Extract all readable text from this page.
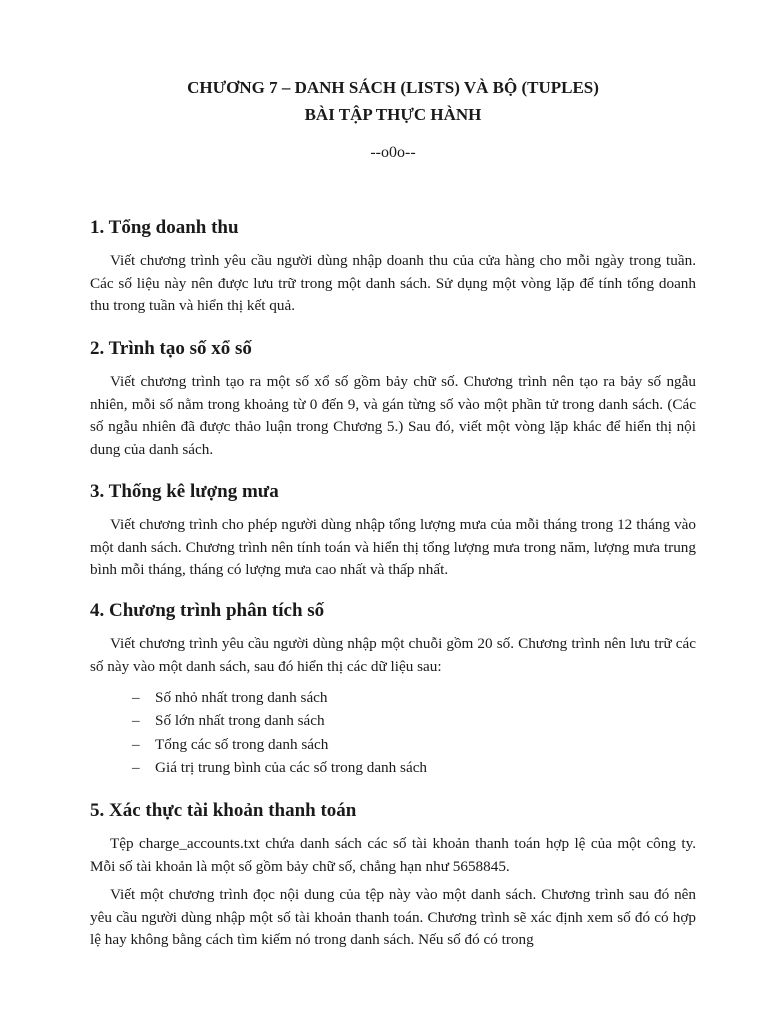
CHƯƠNG 7 – DANH SÁCH (LISTS) VÀ BỘ (TUPLES)

BÀI TẬP THỰC HÀNH

--o0o--
1. Tổng doanh thu

Viết chương trình yêu cầu người dùng nhập doanh thu của cửa hàng cho mỗi ngày trong tuần. Các số liệu này nên được lưu trữ trong một danh sách. Sử dụng một vòng lặp để tính tổng doanh thu trong tuần và hiển thị kết quả.

2. Trình tạo số xổ số

Viết chương trình tạo ra một số xổ số gồm bảy chữ số. Chương trình nên tạo ra bảy số ngẫu nhiên, mỗi số nằm trong khoảng từ 0 đến 9, và gán từng số vào một phần tử trong danh sách. (Các số ngẫu nhiên đã được thảo luận trong Chương 5.) Sau đó, viết một vòng lặp khác để hiển thị nội dung của danh sách.

3. Thống kê lượng mưa

Viết chương trình cho phép người dùng nhập tổng lượng mưa của mỗi tháng trong 12 tháng vào một danh sách. Chương trình nên tính toán và hiển thị tổng lượng mưa trong năm, lượng mưa trung bình mỗi tháng, tháng có lượng mưa cao nhất và thấp nhất.

4. Chương trình phân tích số

Viết chương trình yêu cầu người dùng nhập một chuỗi gồm 20 số. Chương trình nên lưu trữ các số này vào một danh sách, sau đó hiển thị các dữ liệu sau:

– Số nhỏ nhất trong danh sách
– Số lớn nhất trong danh sách
– Tổng các số trong danh sách
– Giá trị trung bình của các số trong danh sách
5. Xác thực tài khoản thanh toán

Tệp charge_accounts.txt chứa danh sách các số tài khoản thanh toán hợp lệ của một công ty. Mỗi số tài khoản là một số gồm bảy chữ số, chẳng hạn như 5658845.

Viết một chương trình đọc nội dung của tệp này vào một danh sách. Chương trình sau đó nên yêu cầu người dùng nhập một số tài khoản thanh toán. Chương trình sẽ xác định xem số đó có hợp lệ hay không bằng cách tìm kiếm nó trong danh sách. Nếu số đó có trong
